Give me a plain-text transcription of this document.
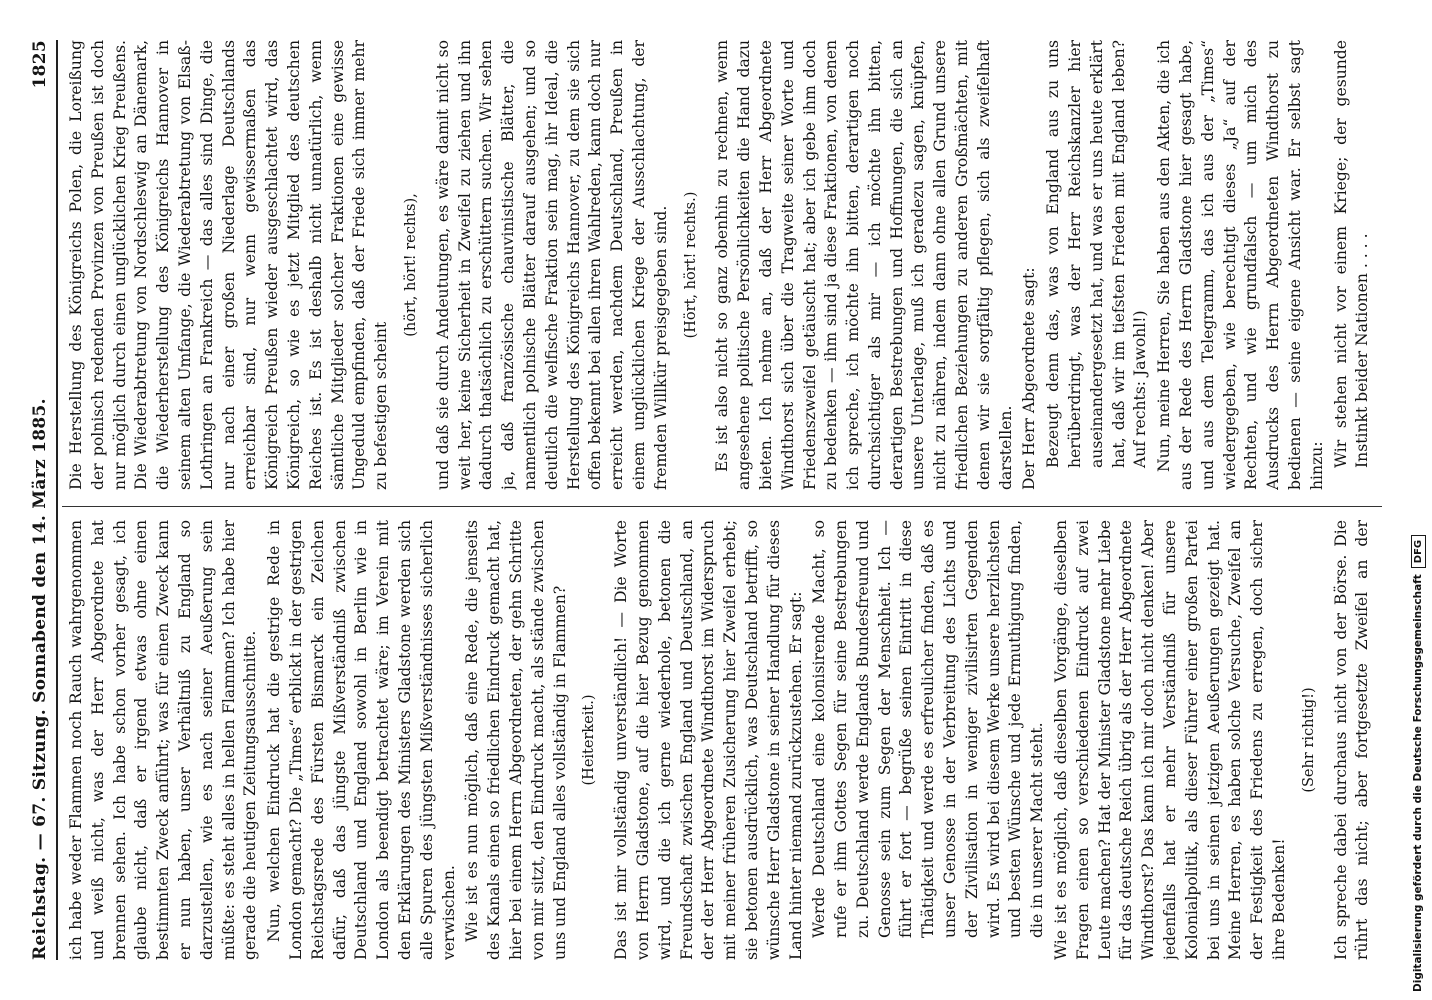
Reichstag. — 67. Sitzung. Sonnabend den 14. März 1885.
1825

ich habe weder Flammen noch Rauch wahrgenommen und weiß nicht, was der Herr Abgeordnete hat brennen sehen. Ich habe schon vorher gesagt, ich glaube nicht, daß er irgend etwas ohne einen bestimmten Zweck anführt; was für einen Zweck kann er nun haben, unser Verhältniß zu England so darzustellen, wie es nach seiner Aeußerung sein müßte: es steht alles in hellen Flammen? Ich habe hier gerade die heutigen Zeitungsausschnitte. Nun, welchen Eindruck hat die gestrige Rede in London gemacht? Die „Times“ erblickt in der gestrigen Reichstagsrede des Fürsten Bismarck ein Zeichen dafür, daß das jüngste Mißverständniß zwischen Deutschland und England sowohl in Berlin wie in London als beendigt betrachtet wäre; im Verein mit den Erklärungen des Ministers Gladstone werden sich alle Spuren des jüngsten Mißverständnisses sicherlich verwischen. Wie ist es nun möglich, daß eine Rede, die jenseits des Kanals einen so friedlichen Eindruck gemacht hat, hier bei einem Herrn Abgeordneten, der gehn Schritte von mir sitzt, den Eindruck macht, als stände zwischen uns und England alles vollständig in Flammen? (Heiterkeit.) Das ist mir vollständig unverständlich! — Die Worte von Herrn Gladstone, auf die hier Bezug genommen wird, und die ich gerne wiederhole, betonen die Freundschaft zwischen England und Deutschland, an der der Herr Abgeordnete Windthorst im Widerspruch mit meiner früheren Zusicherung hier Zweifel erhebt; sie betonen ausdrücklich, was Deutschland betrifft, so wünsche Herr Gladstone in seiner Handlung für dieses Land hinter niemand zurückzustehen. Er sagt: Werde Deutschland eine kolonisirende Macht, so rufe er ihm Gottes Segen für seine Bestrebungen zu. Deutschland werde Englands Bundesfreund und Genosse sein zum Segen der Menschheit. Ich — führt er fort — begrüße seinen Eintritt in diese Thätigkeit und werde es erfreulicher finden, daß es unser Genosse in der Verbreitung des Lichts und der Zivilisation in weniger zivilisirten Gegenden wird. Es wird bei diesem Werke unsere herzlichsten und besten Wünsche und jede Ermuthigung finden, die in unserer Macht steht. Wie ist es möglich, daß dieselben Vorgänge, dieselben Fragen einen so verschiedenen Eindruck auf zwei Leute machen? Hat der Minister Gladstone mehr Liebe für das deutsche Reich übrig als der Herr Abgeordnete Windthorst? Das kann ich mir doch nicht denken! Aber jedenfalls hat er mehr Verständniß für unsere Kolonialpolitik, als dieser Führer einer großen Partei bei uns in seinen jetzigen Aeußerungen gezeigt hat. Meine Herren, es haben solche Versuche, Zweifel an der Festigkeit des Friedens zu erregen, doch sicher ihre Bedenken!

(Sehr richtig!)

Ich spreche dabei durchaus nicht von der Börse. Die rührt das nicht; aber fortgesetzte Zweifel an der

Die Herstellung des Königreichs Polen, die Loreißung der polnisch redenden Provinzen von Preußen ist doch nur möglich durch einen unglücklichen Krieg Preußens. Die Wiederabtretung von Nordschleswig an Dänemark, die Wiederherstellung des Königreichs Hannover in seinem alten Umfange, die Wiederabtretung von Elsaß-Lothringen an Frankreich — das alles sind Dinge, die nur nach einer großen Niederlage Deutschlands erreichbar sind, nur wenn gewissermaßen das Königreich Preußen wieder ausgeschlachtet wird, das Königreich, so wie es jetzt Mitglied des deutschen Reiches ist. Es ist deshalb nicht unnatürlich, wenn sämtliche Mitglieder solcher Fraktionen eine gewisse Ungeduld empfinden, daß der Friede sich immer mehr zu befestigen scheint

(hört, hört! rechts), und daß sie durch Andeutungen, es wäre damit nicht so weit her, keine Sicherheit in Zweifel zu ziehen und ihn dadurch thatsächlich zu erschüttern suchen. Wir sehen ja, daß französische chauvinistische Blätter, die namentlich polnische Blätter darauf ausgehen; und so deutlich die welfische Fraktion sein mag, ihr Ideal, die Herstellung des Königreichs Hannover, zu dem sie sich offen bekennt bei allen ihren Wahlreden, kann doch nur erreicht werden, nachdem Deutschland, Preußen in einem unglücklichen Kriege der Ausschlachtung, der fremden Willkür preisgegeben sind. (Hört, hört! rechts.) Es ist also nicht so ganz obenhin zu rechnen, wenn angesehene politische Persönlichkeiten die Hand dazu bieten. Ich nehme an, daß der Herr Abgeordnete Windthorst sich über die Tragweite seiner Worte und Friedenszweifel getäuscht hat; aber ich gebe ihm doch zu bedenken — ihm sind ja diese Fraktionen, von denen ich spreche, ich möchte ihn bitten, derartigen noch durchsichtiger als mir — ich möchte ihn bitten, derartigen Bestrebungen und Hoffnungen, die sich an unsere Unterlage, muß ich geradezu sagen, knüpfen, nicht zu nähren, indem dann ohne allen Grund unsere friedlichen Beziehungen zu anderen Großmächten, mit denen wir sie sorgfältig pflegen, sich als zweifelhaft darstellen. Der Herr Abgeordnete sagt: Bezeugt denn das, was von England aus zu uns herüberdringt, was der Herr Reichskanzler hier auseinandergesetzt hat, und was er uns heute erklärt hat, daß wir im tiefsten Frieden mit England leben? Auf rechts: Jawohl!) Nun, meine Herren, Sie haben aus den Akten, die ich aus der Rede des Herrn Gladstone hier gesagt habe, und aus dem Telegramm, das ich aus der „Times“ wiedergegeben, wie berechtigt dieses „Ja“ auf der Rechten, und wie grundfalsch — um mich des Ausdrucks des Herrn Abgeordneten Windthorst zu bedienen — seine eigene Ansicht war. Er selbst sagt hinzu: Wir stehen nicht vor einem Kriege; der gesunde Instinkt beider Nationen . . . .

Digitalisierung gefördert durch die Deutsche Forschungsgemeinschaft
DFG
